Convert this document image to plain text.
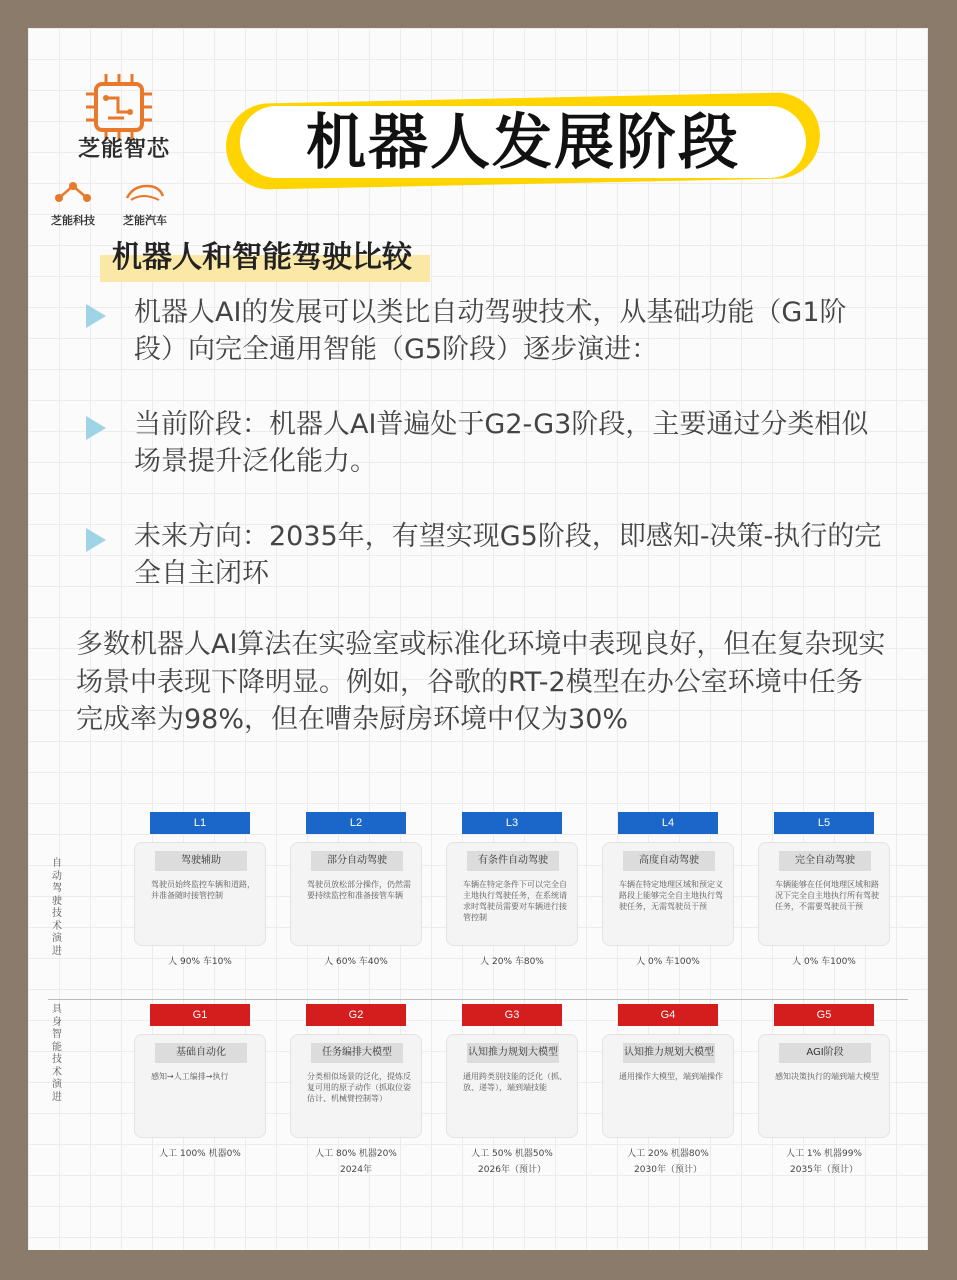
芝能智芯
芝能科技	芝能汽车
机器人发展阶段
机器人和智能驾驶比较
机器人AI的发展可以类比自动驾驶技术，从基础功能（G1阶段）向完全通用智能（G5阶段）逐步演进：
当前阶段：机器人AI普遍处于G2-G3阶段，主要通过分类相似场景提升泛化能力。
未来方向：2035年，有望实现G5阶段，即感知-决策-执行的完全自主闭环
多数机器人AI算法在实验室或标准化环境中表现良好，但在复杂现实场景中表现下降明显。例如，谷歌的RT-2模型在办公室环境中任务完成率为98%，但在嘈杂厨房环境中仅为30%
自动驾驶技术演进
具身智能技术演进
L1
驾驶辅助
驾驶员始终监控车辆和道路，并准备随时接管控制
人 90% 车10%
L2
部分自动驾驶
驾驶员放松部分操作，仍然需要持续监控和准备接管车辆
人 60% 车40%
L3
有条件自动驾驶
车辆在特定条件下可以完全自主地执行驾驶任务，在系统请求时驾驶员需要对车辆进行接管控制
人 20% 车80%
L4
高度自动驾驶
车辆在特定地理区域和预定义路段上能够完全自主地执行驾驶任务，无需驾驶员干预
人 0% 车100%
L5
完全自动驾驶
车辆能够在任何地理区域和路况下完全自主地执行所有驾驶任务，不需要驾驶员干预
人 0% 车100%
G1
基础自动化
感知→人工编排→执行
人工 100% 机器0%
G2
任务编排大模型
分类相似场景的泛化，提炼反复可用的原子动作（抓取位姿估计、机械臂控制等）
人工 80% 机器20%
2024年
G3
认知推力规划大模型
通用跨类别技能的泛化（抓、放、递等），端到端技能
人工 50% 机器50%
2026年（预计）
G4
认知推力规划大模型
通用操作大模型，端到端操作
人工 20% 机器80%
2030年（预计）
G5
AGI阶段
感知决策执行的端到端大模型
人工 1% 机器99%
2035年（预计）
